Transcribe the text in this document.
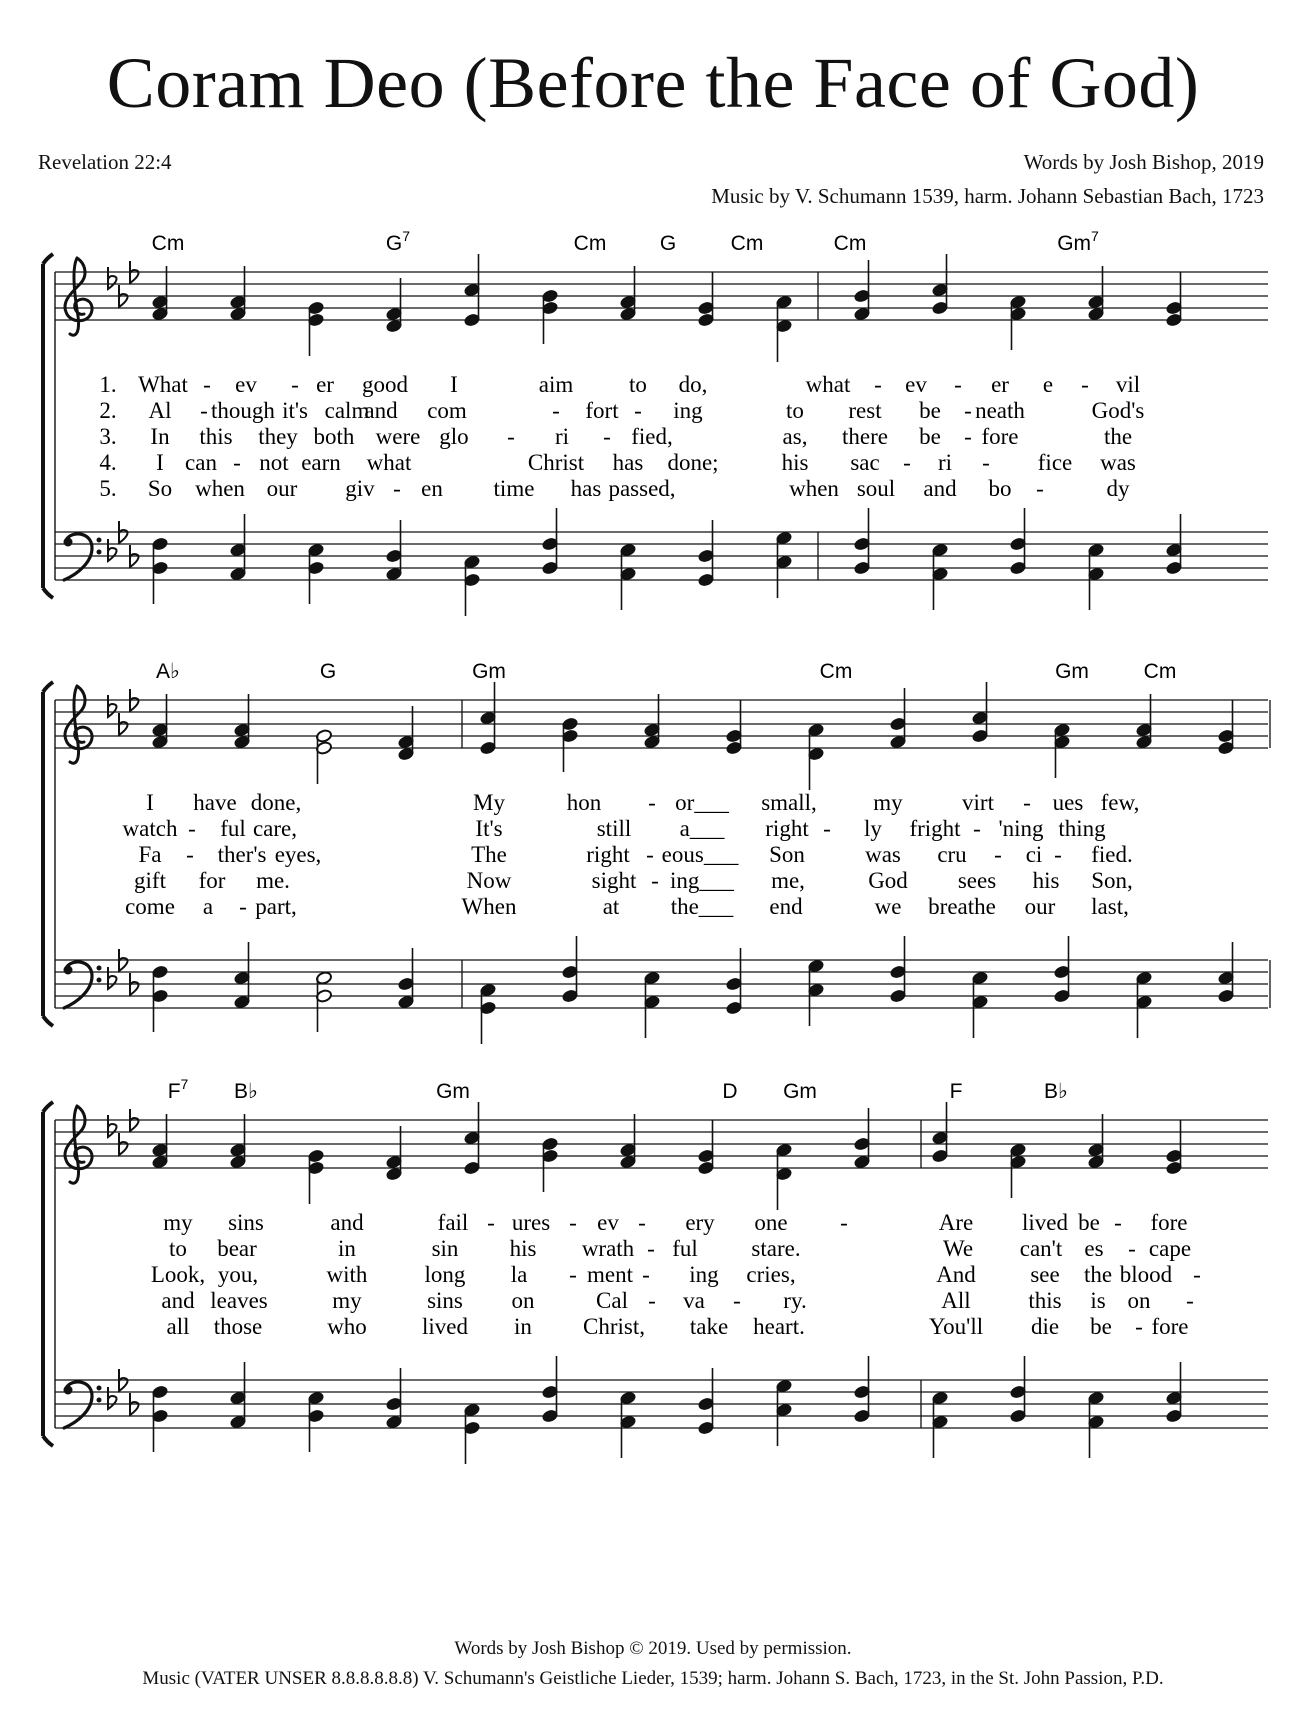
Coram Deo (Before the Face of God)
Revelation 22:4	Words by Josh Bishop, 2019
Music by V. Schumann 1539, harm. Johann Sebastian Bach, 1723
Cm	$G^7$	Cm	G	Cm	Cm	Gm$^7$
1. What - ev - er good I	aim to do,	what - ev - er e - vil
2. Al - though it's calm
and com	- fort - ing	to rest be - neath	God's
3. In this they both were glo - ri - fied,	as, there be - fore	the
4. I can - not earn what	Christ has done;	his sac - ri - fice was
5. So when our giv - en time has passed,	when soul and bo -	dy
A♭	G	Gm	Cm	Gm	Cm
I have done,	My	hon - or___ small, my	virt - ues few,
watch - ful care,	It's	still a___ right - ly fright - 'ning thing
Fa - ther's eyes,	The	right - eous___ Son	was cru - ci - fied.
gift for me.	Now	sight - ing___ me,	God sees his Son,
come a - part,	When	at the___ end	we breathe our last,
$F^7$ B♭	Gm	D Gm	F	B♭
my sins	and	fail - ures - ev - ery one -	Are lived be - fore
to bear	in	sin his wrath - ful stare.	We can't es - cape
Look, you,	with long la - ment - ing cries,	And see the blood -
and leaves	my	sins on	Cal - va - ry.	All	this is on -
all those	who lived in Christ, take heart.	You'll die be - fore
Words by Josh Bishop © 2019. Used by permission.
Music (VATER UNSER 8.8.8.8.8.8) V. Schumann's Geistliche Lieder, 1539; harm. Johann S. Bach, 1723, in the St. John Passion, P.D.
